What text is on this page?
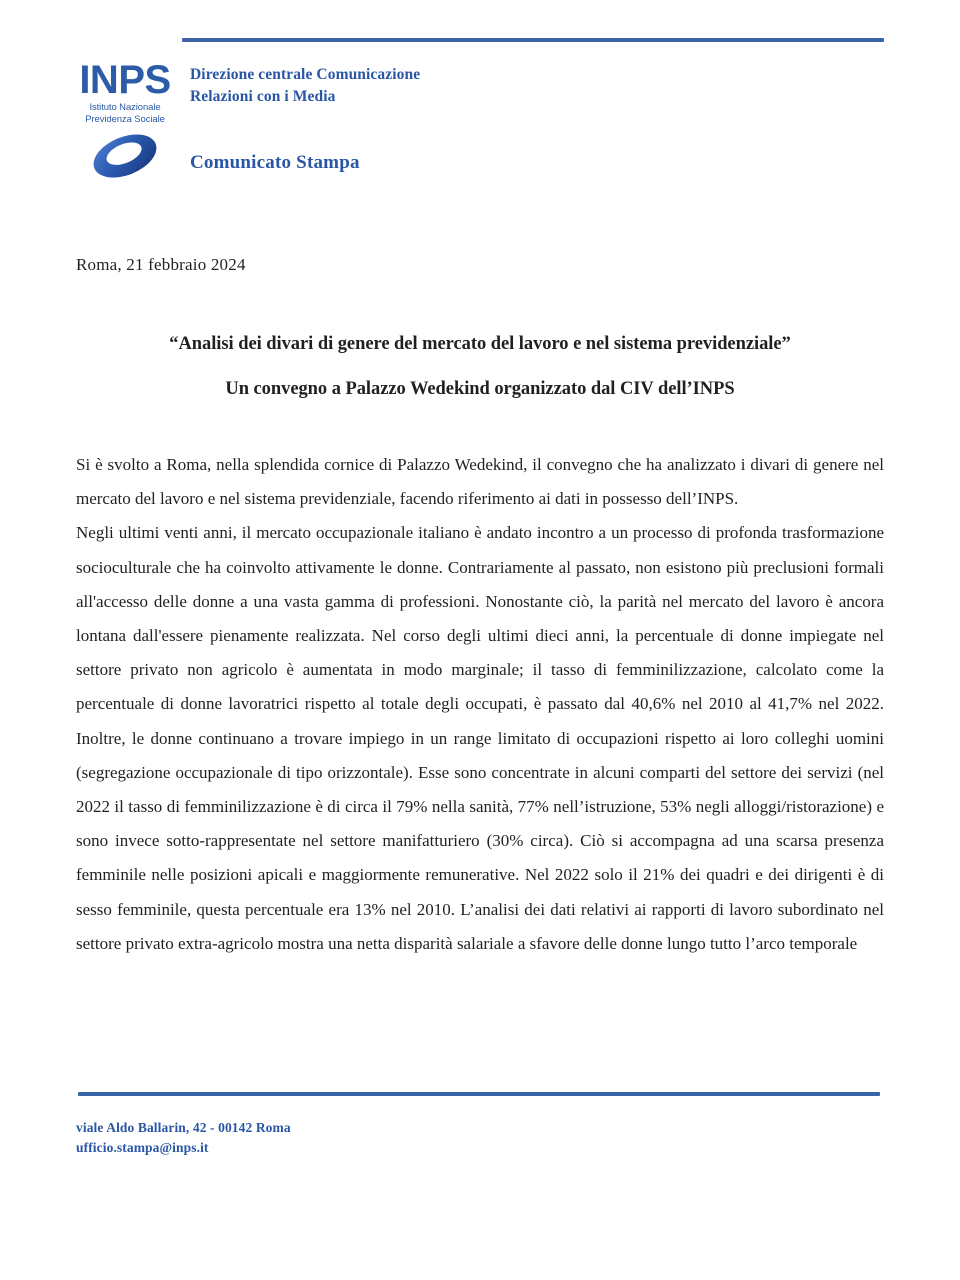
INPS
Istituto Nazionale
Previdenza Sociale
Direzione centrale Comunicazione
Relazioni con i Media
Comunicato Stampa
Roma, 21 febbraio 2024
“Analisi dei divari di genere del mercato del lavoro e nel sistema previdenziale”
Un convegno a Palazzo Wedekind organizzato dal CIV dell’INPS

Si è svolto a Roma, nella splendida cornice di Palazzo Wedekind, il convegno che ha analizzato i divari di genere nel mercato del lavoro e nel sistema previdenziale, facendo riferimento ai dati in possesso dell’INPS.

Negli ultimi venti anni, il mercato occupazionale italiano è andato incontro a un processo di profonda trasformazione socioculturale che ha coinvolto attivamente le donne. Contrariamente al passato, non esistono più preclusioni formali all'accesso delle donne a una vasta gamma di professioni. Nonostante ciò, la parità nel mercato del lavoro è ancora lontana dall'essere pienamente realizzata. Nel corso degli ultimi dieci anni, la percentuale di donne impiegate nel settore privato non agricolo è aumentata in modo marginale; il tasso di femminilizzazione, calcolato come la percentuale di donne lavoratrici rispetto al totale degli occupati, è passato dal 40,6% nel 2010 al 41,7% nel 2022. Inoltre, le donne continuano a trovare impiego in un range limitato di occupazioni rispetto ai loro colleghi uomini (segregazione occupazionale di tipo orizzontale). Esse sono concentrate in alcuni comparti del settore dei servizi (nel 2022 il tasso di femminilizzazione è di circa il 79% nella sanità, 77% nell’istruzione, 53% negli alloggi/ristorazione) e sono invece sotto-rappresentate nel settore manifatturiero (30% circa). Ciò si accompagna ad una scarsa presenza femminile nelle posizioni apicali e maggiormente remunerative. Nel 2022 solo il 21% dei quadri e dei dirigenti è di sesso femminile, questa percentuale era 13% nel 2010. L’analisi dei dati relativi ai rapporti di lavoro subordinato nel settore privato extra-agricolo mostra una netta disparità salariale a sfavore delle donne lungo tutto l’arco temporale

viale Aldo Ballarin, 42 - 00142 Roma
ufficio.stampa@inps.it
